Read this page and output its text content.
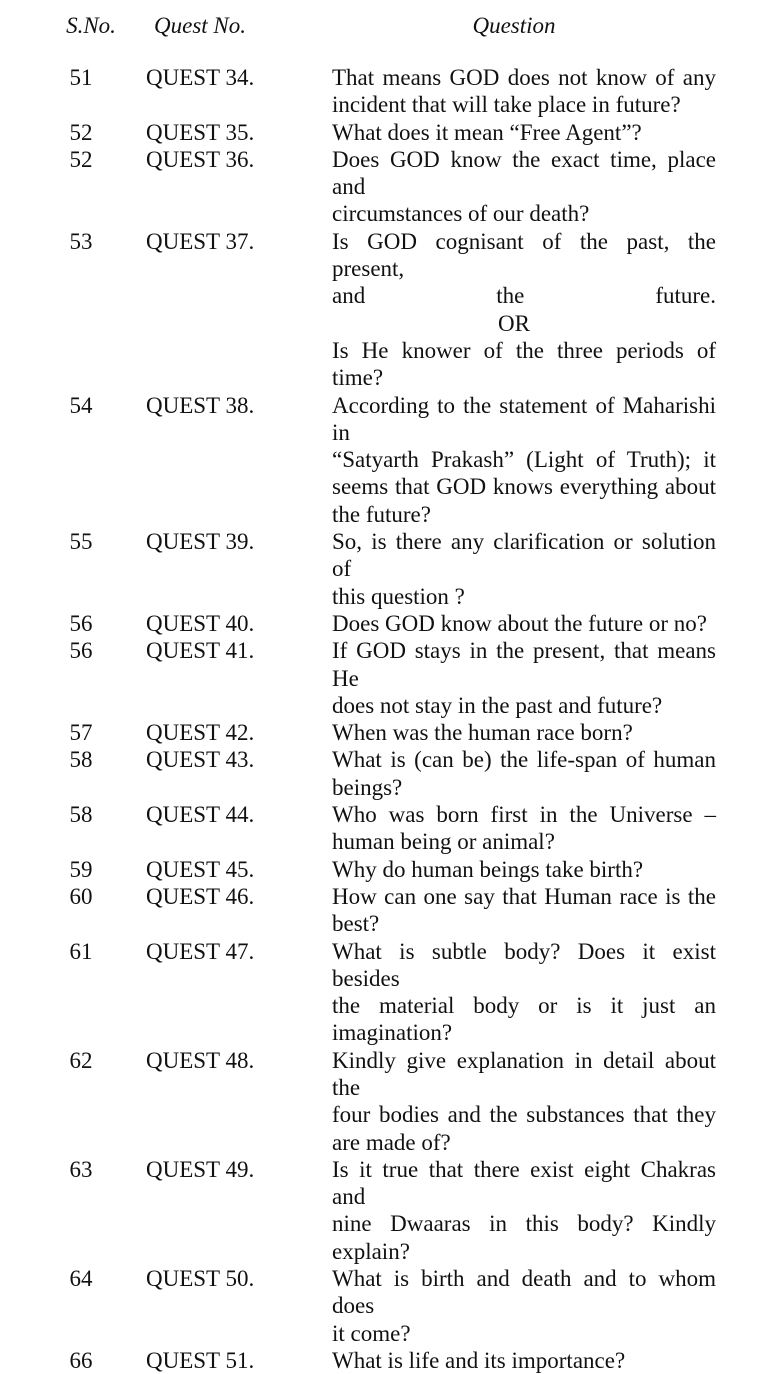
S.No.	Quest No.	Question
51	QUEST 34.	That means GOD does not know of any
incident that will take place in future?
52	QUEST 35.	What does it mean “Free Agent”?
52	QUEST 36.	Does GOD know the exact time, place and
circumstances of our death?
53	QUEST 37.	Is GOD cognisant of the past, the present,
and the future.
OR
Is He knower of the three periods of time?
54	QUEST 38.	According to the statement of Maharishi in
“Satyarth Prakash” (Light of Truth); it
seems that GOD knows everything about
the future?
55	QUEST 39.	So, is there any clarification or solution of
this question ?
56	QUEST 40.	Does GOD know about the future or no?
56	QUEST 41.	If GOD stays in the present, that means He
does not stay in the past and future?
57	QUEST 42.	When was the human race born?
58	QUEST 43.	What is (can be) the life-span of human
beings?
58	QUEST 44.	Who was born first in the Universe –
human being or animal?
59	QUEST 45.	Why do human beings take birth?
60	QUEST 46.	How can one say that Human race is the
best?
61	QUEST 47.	What is subtle body? Does it exist besides
the material body or is it just an
imagination?
62	QUEST 48.	Kindly give explanation in detail about the
four bodies and the substances that they
are made of?
63	QUEST 49.	Is it true that there exist eight Chakras and
nine Dwaaras in this body? Kindly
explain?
64	QUEST 50.	What is birth and death and to whom does
it come?
66	QUEST 51.	What is life and its importance?
